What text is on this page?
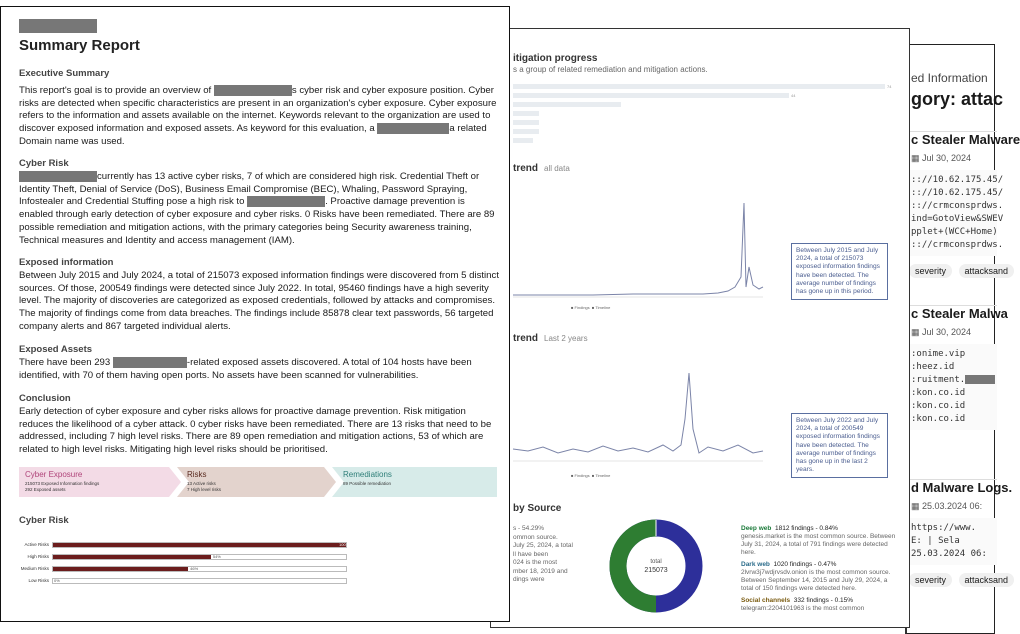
ed Information
gory: attac
c Stealer Malware
▦ Jul 30, 2024
:://10.62.175.45/
:://10.62.175.45/
:://crmconsprdws.
ind=GotoView&SWEV
pplet+(WCC+Home)
:://crmconsprdws.
severity attacksand
c Stealer Malwa
▦ Jul 30, 2024
:onime.vip
:heez.id
:ruitment.
:kon.co.id
:kon.co.id
:kon.co.id
d Malware Logs.
▦ 25.03.2024 06:
https://www.
E: | Sela
25.03.2024 06:
severity attacksand
itigation progress
s a group of related remediation and mitigation actions.
74
44
trend all data
■ Findings  ■ Timeline
Between July 2015 and July 2024, a total of 215073 exposed information findings have been detected. The average number of findings has gone up in this period.
trend Last 2 years
■ Findings  ■ Timeline
Between July 2022 and July 2024, a total of 200549 exposed information findings have been detected. The average number of findings has gone up in the last 2 years.
by Source
s - 54.29%
ommon source.
July 25, 2024, a total
ll have been
024 is the most
mber 18, 2019 and
dings were
total
215073
Deep web 1812 findings - 0.84%
genesis.market is the most common source. Between July 31, 2024, a total of 791 findings were detected here.
Dark web 1020 findings - 0.47%
2lvrw3j7wdjrvsdv.onion is the most common source. Between September 14, 2015 and July 29, 2024, a total of 150 findings were detected here.
Social channels 332 findings - 0.15%
telegram:2204101963 is the most common
Summary Report
Executive Summary
This report's goal is to provide an overview of	s cyber risk and cyber exposure position. Cyber risks are detected when specific characteristics are present in an organization's cyber exposure. Cyber exposure refers to the information and assets available on the internet. Keywords relevant to the organization are used to discover exposed information and exposed assets. As keyword for this evaluation, a	a related Domain name was used.
Cyber Risk
currently has 13 active cyber risks, 7 of which are considered high risk. Credential Theft or Identity Theft, Denial of Service (DoS), Business Email Compromise (BEC), Whaling, Password Spraying, Infostealer and Credential Stuffing pose a high risk to	. Proactive damage prevention is enabled through early detection of cyber exposure and cyber risks. 0 Risks have been remediated. There are 89 possible remediation and mitigation actions, with the primary categories being Security awareness training, Technical measures and Identity and access management (IAM).
Exposed information
Between July 2015 and July 2024, a total of 215073 exposed information findings were discovered from 5 distinct sources. Of those, 200549 findings were detected since July 2022. In total, 95460 findings have a high severity level. The majority of discoveries are categorized as exposed credentials, followed by attacks and compromises. The majority of findings come from data breaches. The findings include 85878 clear text passwords, 56 targeted company alerts and 867 targeted individual alerts.
Exposed Assets
There have been 293	-related exposed assets discovered. A total of 104 hosts have been identified, with 70 of them having open ports. No assets have been scanned for vulnerabilities.
Conclusion
Early detection of cyber exposure and cyber risks allows for proactive damage prevention. Risk mitigation reduces the likelihood of a cyber attack. 0 cyber risks have been remediated. There are 13 risks that need to be addressed, including 7 high level risks. There are 89 open remediation and mitigation actions, 53 of which are related to high level risks. Mitigating high level risks should be prioritised.
Cyber Exposure
215073 Exposed Information findings
292 Exposed assets
Risks
13 Active risks
7 High level risks
Remediations
89 Possible remediation
Cyber Risk
Active Risks	100
High Risks	54%
Medium Risks	46%
Low Risks 0%
